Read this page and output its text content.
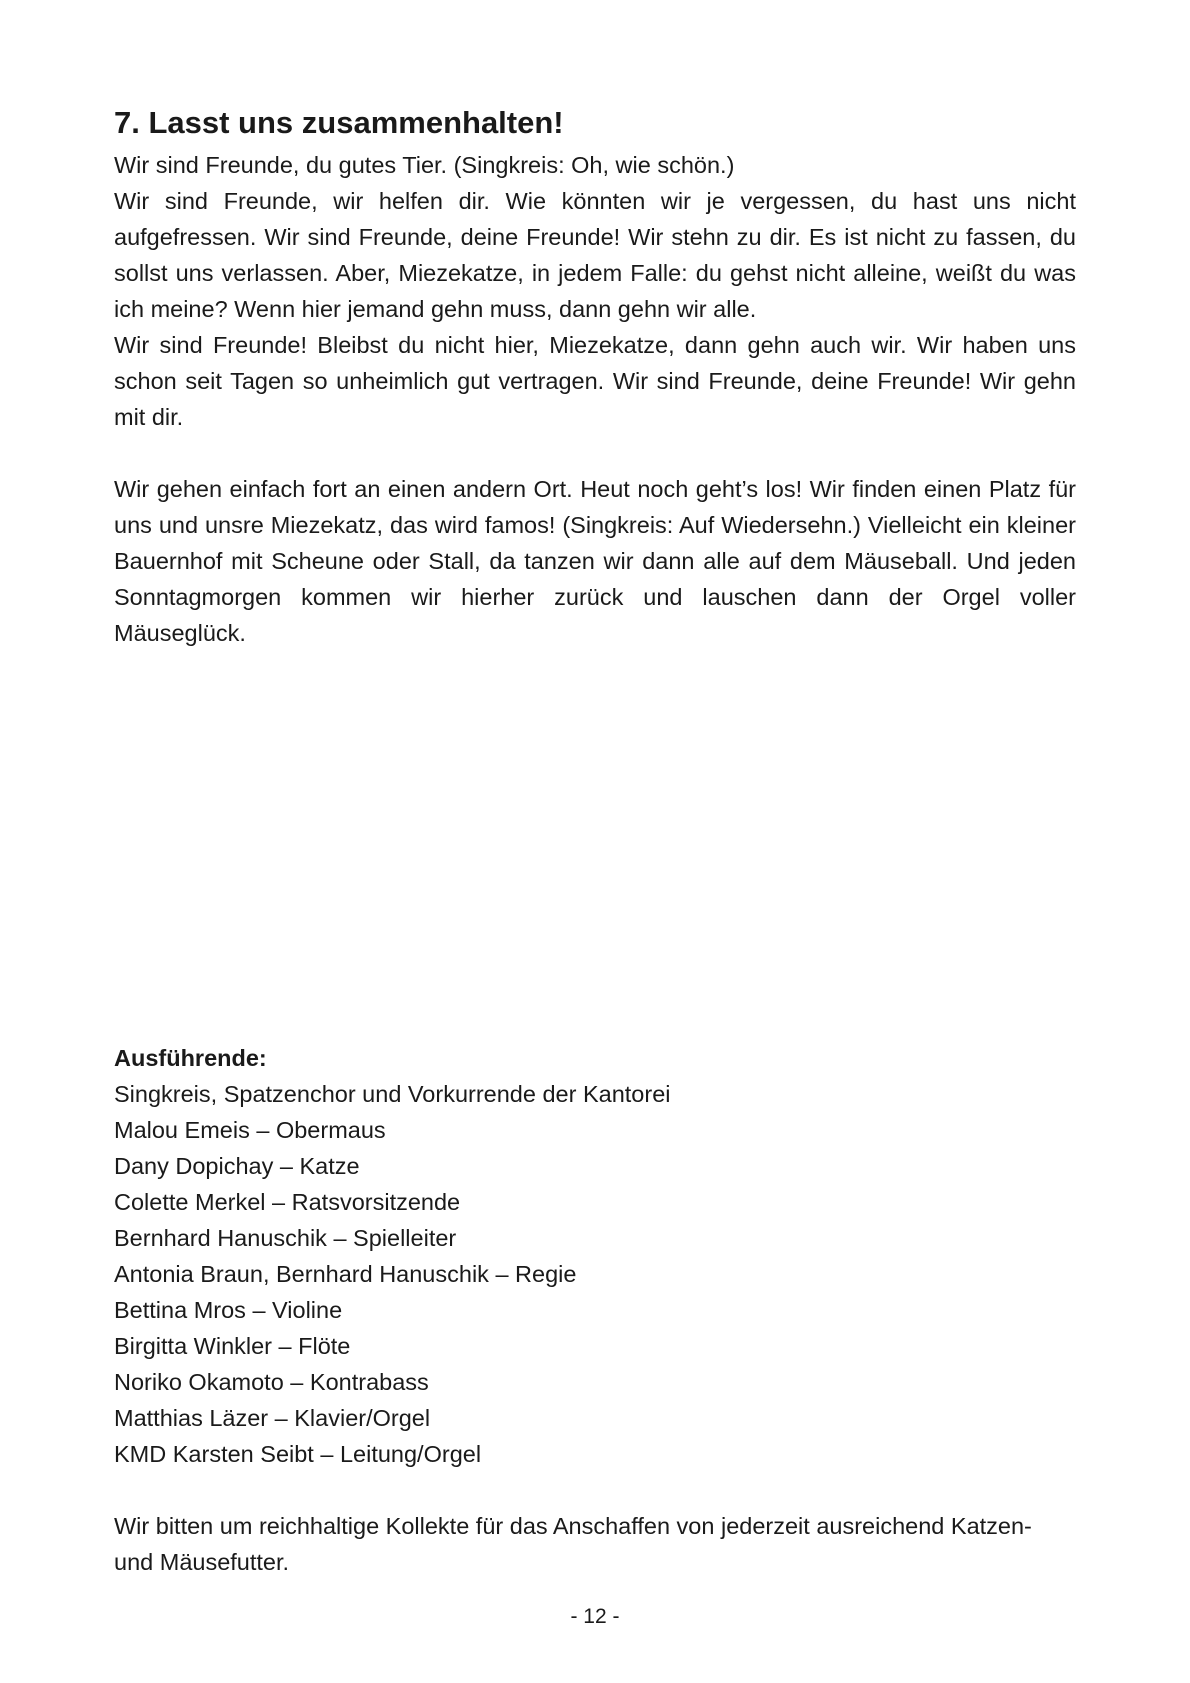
7. Lasst uns zusammenhalten!

Wir sind Freunde, du gutes Tier. (Singkreis: Oh, wie schön.)

Wir sind Freunde, wir helfen dir. Wie könnten wir je vergessen, du hast uns nicht aufgefressen. Wir sind Freunde, deine Freunde! Wir stehn zu dir. Es ist nicht zu fassen, du sollst uns verlassen. Aber, Miezekatze, in jedem Falle: du gehst nicht alleine, weißt du was ich meine? Wenn hier jemand gehn muss, dann gehn wir alle.

Wir sind Freunde! Bleibst du nicht hier, Miezekatze, dann gehn auch wir. Wir haben uns schon seit Tagen so unheimlich gut vertragen. Wir sind Freunde, deine Freunde! Wir gehn mit dir.

Wir gehen einfach fort an einen andern Ort. Heut noch geht’s los! Wir finden einen Platz für uns und unsre Miezekatz, das wird famos! (Singkreis: Auf Wiedersehn.) Vielleicht ein kleiner Bauernhof mit Scheune oder Stall, da tanzen wir dann alle auf dem Mäuseball. Und jeden Sonntagmorgen kommen wir hierher zurück und lauschen dann der Orgel voller Mäuseglück.

Ausführende:

Singkreis, Spatzenchor und Vorkurrende der Kantorei

Malou Emeis – Obermaus

Dany Dopichay – Katze

Colette Merkel – Ratsvorsitzende

Bernhard Hanuschik – Spielleiter

Antonia Braun, Bernhard Hanuschik – Regie

Bettina Mros – Violine

Birgitta Winkler – Flöte

Noriko Okamoto – Kontrabass

Matthias Läzer – Klavier/Orgel

KMD Karsten Seibt – Leitung/Orgel

Wir bitten um reichhaltige Kollekte für das Anschaffen von jederzeit ausreichend Katzen- und Mäusefutter.

- 12 -
